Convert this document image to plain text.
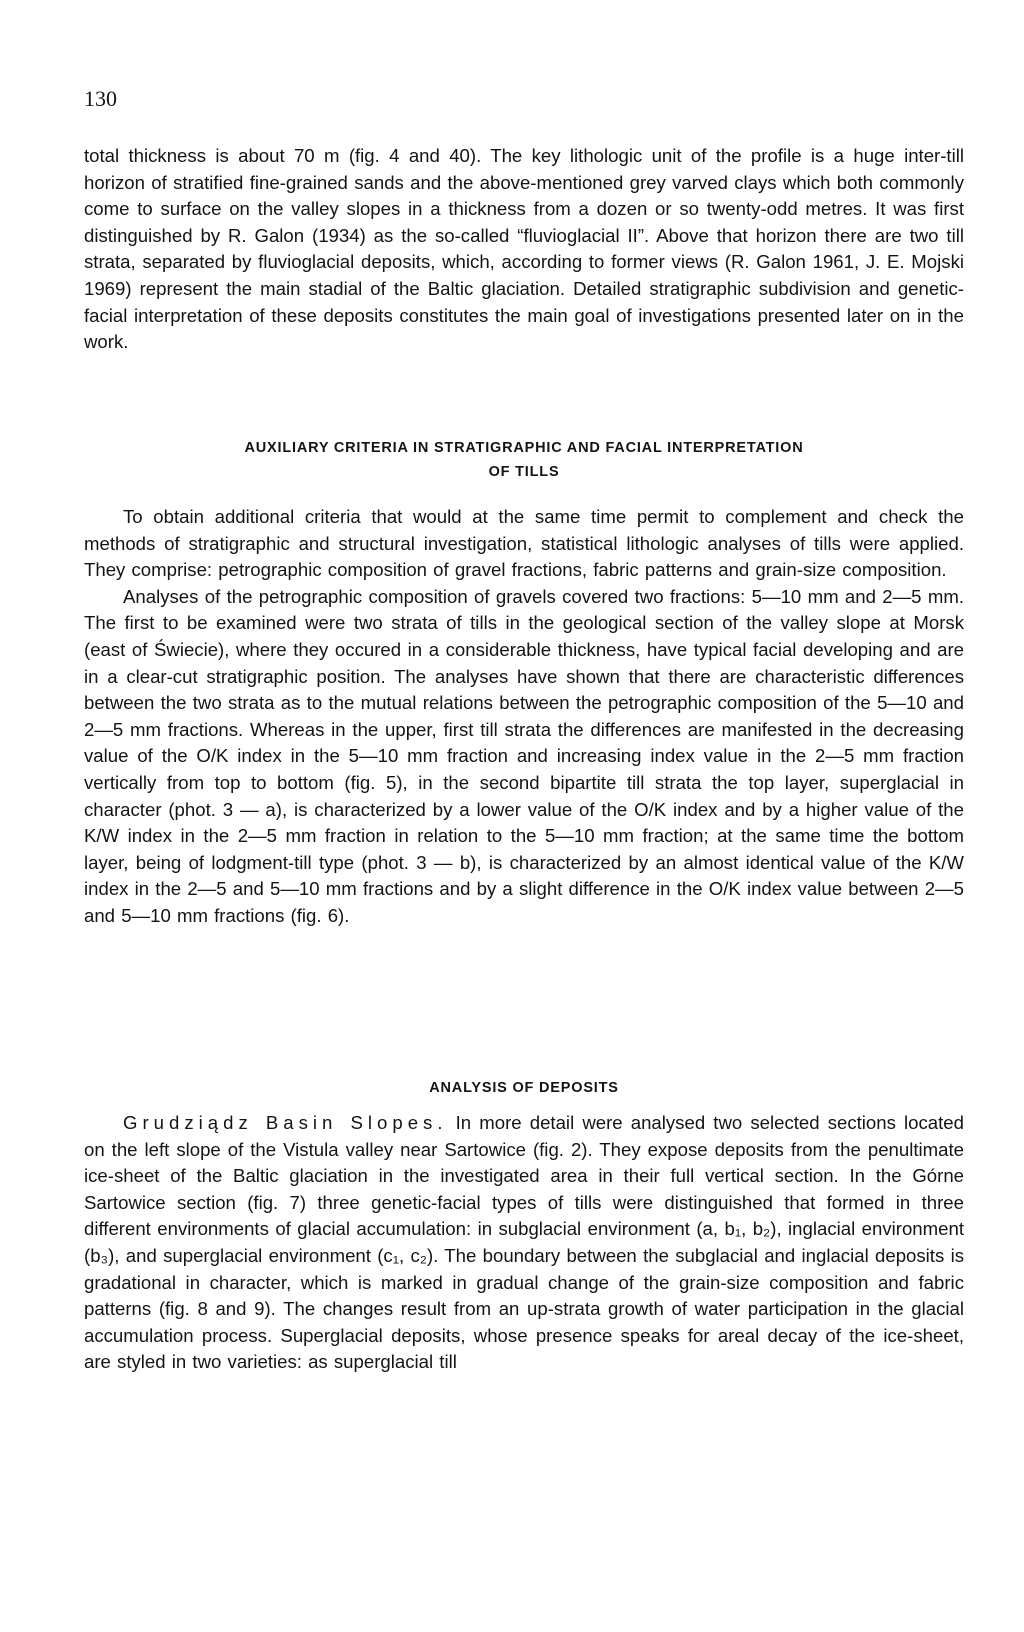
130

total thickness is about 70 m (fig. 4 and 40). The key lithologic unit of the profile is a huge inter-till horizon of stratified fine-grained sands and the above-mentioned grey varved clays which both commonly come to surface on the valley slopes in a thickness from a dozen or so twenty-odd metres. It was first distinguished by R. Galon (1934) as the so-called “fluvioglacial II”. Above that horizon there are two till strata, separated by fluvioglacial deposits, which, according to former views (R. Galon 1961, J. E. Mojski 1969) represent the main stadial of the Baltic glaciation. Detailed stratigraphic subdivision and genetic-facial interpretation of these deposits constitutes the main goal of investigations presented later on in the work.

AUXILIARY CRITERIA IN STRATIGRAPHIC AND FACIAL INTERPRETATION
OF TILLS

To obtain additional criteria that would at the same time permit to complement and check the methods of stratigraphic and structural investigation, statistical lithologic analyses of tills were applied. They comprise: petrographic composition of gravel fractions, fabric patterns and grain-size composition.

Analyses of the petrographic composition of gravels covered two fractions: 5—10 mm and 2—5 mm. The first to be examined were two strata of tills in the geological section of the valley slope at Morsk (east of Świecie), where they occured in a considerable thickness, have typical facial developing and are in a clear-cut stratigraphic position. The analyses have shown that there are characteristic differences between the two strata as to the mutual relations between the petrographic composition of the 5—10 and 2—5 mm fractions. Whereas in the upper, first till strata the differences are manifested in the decreasing value of the O/K index in the 5—10 mm fraction and increasing index value in the 2—5 mm fraction vertically from top to bottom (fig. 5), in the second bipartite till strata the top layer, superglacial in character (phot. 3 — a), is characterized by a lower value of the O/K index and by a higher value of the K/W index in the 2—5 mm fraction in relation to the 5—10 mm fraction; at the same time the bottom layer, being of lodgment-till type (phot. 3 — b), is characterized by an almost identical value of the K/W index in the 2—5 and 5—10 mm fractions and by a slight difference in the O/K index value between 2—5 and 5—10 mm fractions (fig. 6).

ANALYSIS OF DEPOSITS

Grudziądz Basin Slopes. In more detail were analysed two selected sections located on the left slope of the Vistula valley near Sartowice (fig. 2). They expose deposits from the penultimate ice-sheet of the Baltic glaciation in the investigated area in their full vertical section. In the Górne Sartowice section (fig. 7) three genetic-facial types of tills were distinguished that formed in three different environments of glacial accumulation: in subglacial environment (a, b₁, b₂), inglacial environment (b₃), and superglacial environment (c₁, c₂). The boundary between the subglacial and inglacial deposits is gradational in character, which is marked in gradual change of the grain-size composition and fabric patterns (fig. 8 and 9). The changes result from an up-strata growth of water participation in the glacial accumulation process. Superglacial deposits, whose presence speaks for areal decay of the ice-sheet, are styled in two varieties: as superglacial till
